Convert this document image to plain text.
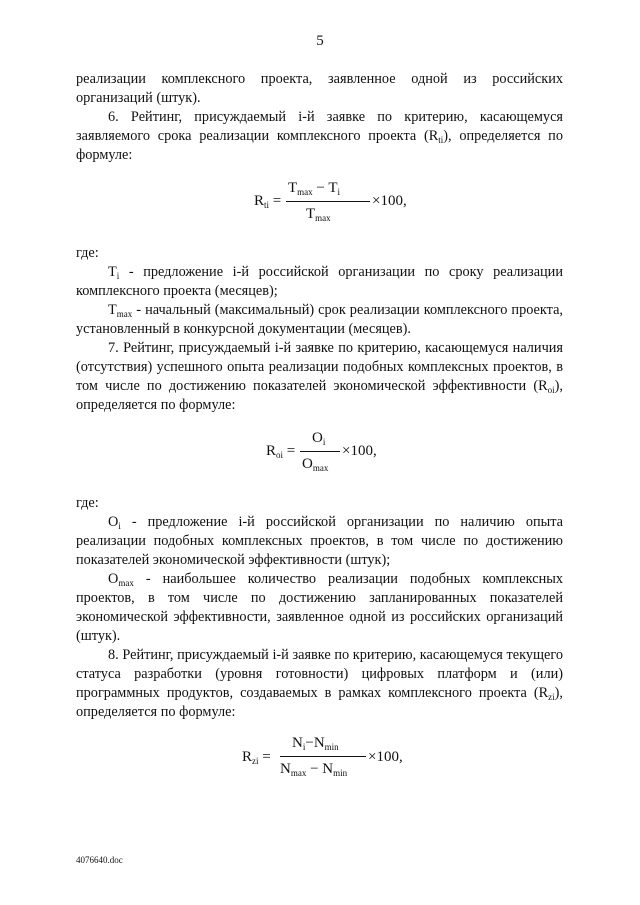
5

реализации комплексного проекта, заявленное одной из российских организаций (штук).

6. Рейтинг, присуждаемый i-й заявке по критерию, касающемуся заявляемого срока реализации комплексного проекта $(R_{ti})$, определяется по формуле:

$R_{ti}$ =
$T_{max} - T_i$
$T_{max}$
×100,

где:

$T_i$ - предложение i-й российской организации по сроку реализации комплексного проекта (месяцев);

$T_{max}$ - начальный (максимальный) срок реализации комплексного проекта, установленный в конкурсной документации (месяцев).

7. Рейтинг, присуждаемый i-й заявке по критерию, касающемуся наличия (отсутствия) успешного опыта реализации подобных комплексных проектов, в том числе по достижению показателей экономической эффективности $(R_{oi})$, определяется по формуле:

$R_{oi}$ =
$O_i$
$O_{max}$
×100,

где:

$O_i$ - предложение i-й российской организации по наличию опыта реализации подобных комплексных проектов, в том числе по достижению показателей экономической эффективности (штук);

$O_{max}$ - наибольшее количество реализации подобных комплексных проектов, в том числе по достижению запланированных показателей экономической эффективности, заявленное одной из российских организаций (штук).

8. Рейтинг, присуждаемый i-й заявке по критерию, касающемуся текущего статуса разработки (уровня готовности) цифровых платформ и (или) программных продуктов, создаваемых в рамках комплексного проекта $(R_{zi})$, определяется по формуле:

$R_{zi}$ =
$N_i-N_{min}$
$N_{max} - N_{min}$
×100,
4076640.doc
